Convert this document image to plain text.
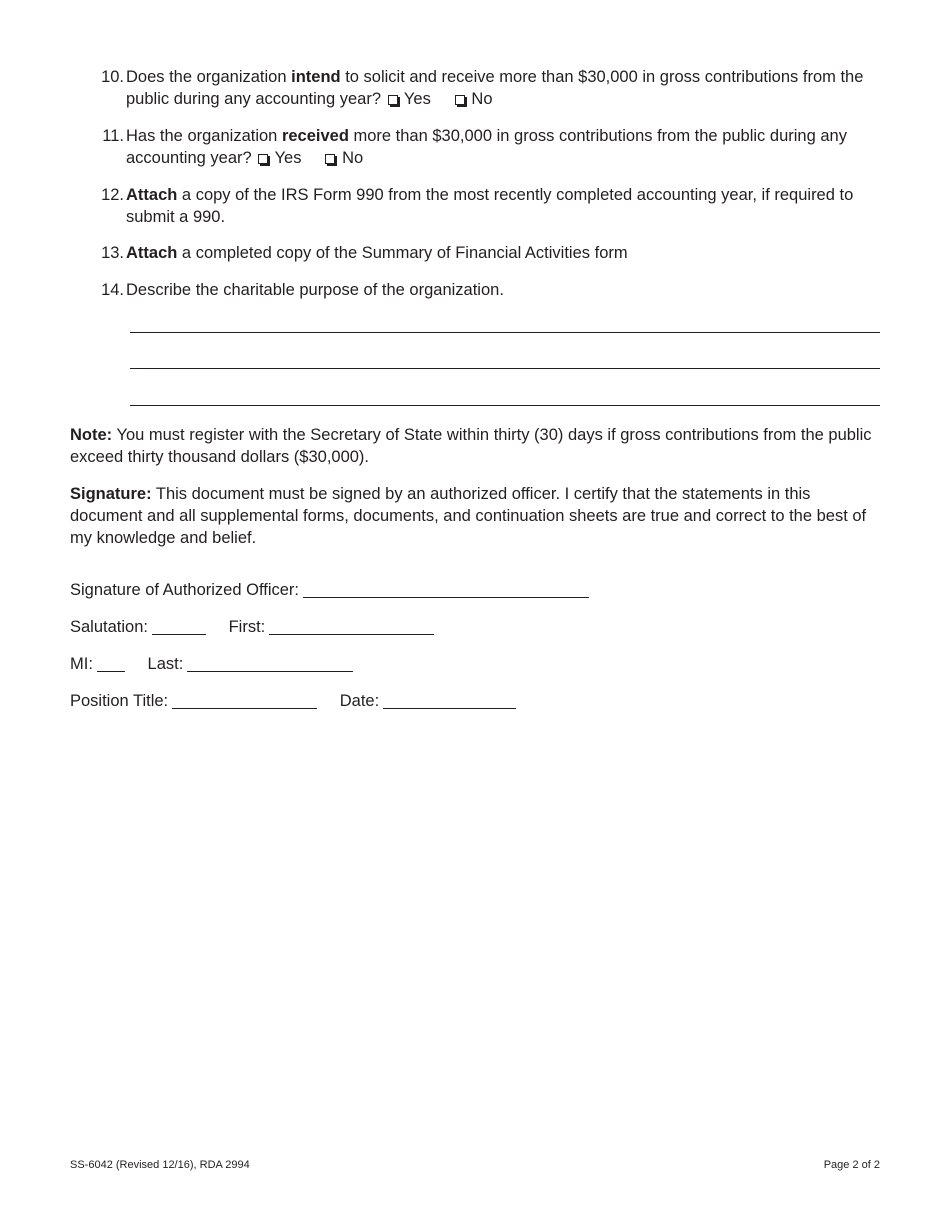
10. Does the organization intend to solicit and receive more than $30,000 in gross contributions from the public during any accounting year? Yes No
11. Has the organization received more than $30,000 in gross contributions from the public during any accounting year? Yes No
12. Attach a copy of the IRS Form 990 from the most recently completed accounting year, if required to submit a 990.
13. Attach a completed copy of the Summary of Financial Activities form
14. Describe the charitable purpose of the organization.
Note: You must register with the Secretary of State within thirty (30) days if gross contributions from the public exceed thirty thousand dollars ($30,000).
Signature: This document must be signed by an authorized officer. I certify that the statements in this document and all supplemental forms, documents, and continuation sheets are true and correct to the best of my knowledge and belief.
Signature of Authorized Officer:
Salutation:	First:
MI:	Last:
Position Title:	Date:
SS-6042 (Revised 12/16), RDA 2994	Page 2 of 2
